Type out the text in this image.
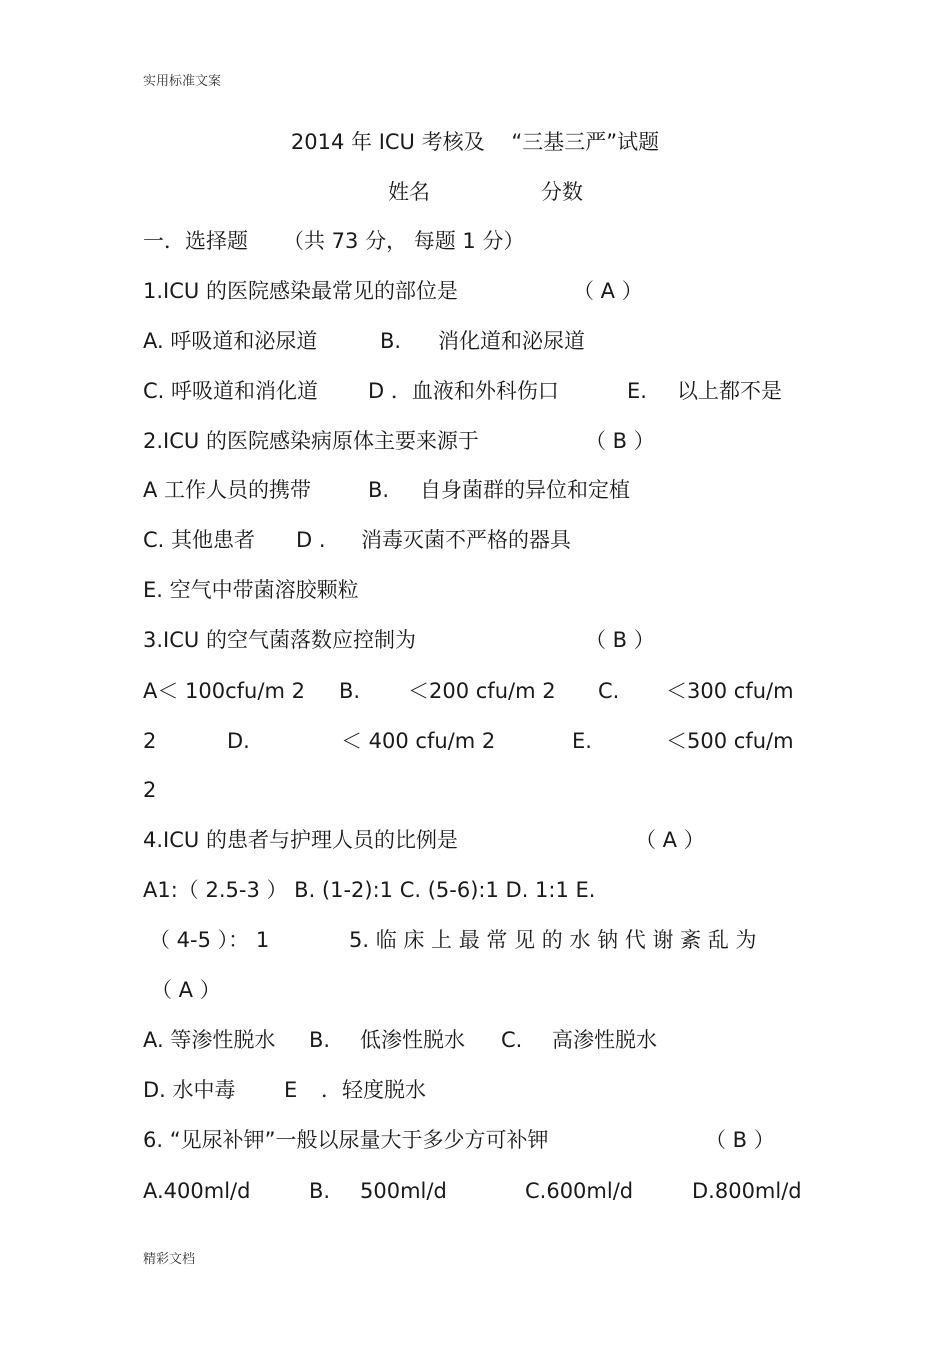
实用标准文案
2014 年 ICU 考核及 “三基三严”试题
姓名	分数
一．选择题 （共 73 分， 每题 1 分）
1.ICU 的医院感染最常见的部位是	（ A ）
A. 呼吸道和泌尿道	B. 消化道和泌尿道
C. 呼吸道和消化道 D ．血液和外科伤口	E. 以上都不是
2.ICU 的医院感染病原体主要来源于	（ B ）
A 工作人员的携带	B. 自身菌群的异位和定植
C. 其他患者 D . 消毒灭菌不严格的器具
E. 空气中带菌溶胶颗粒
3.ICU 的空气菌落数应控制为	（ B ）
A＜ 100cfu/m 2 B. ＜200 cfu/m 2 C. ＜300 cfu/m
2	D.	＜ 400 cfu/m 2	E.	＜500 cfu/m
2
4.ICU 的患者与护理人员的比例是	（ A ）
A1:（ 2.5-3 ） B. (1-2):1 C. (5-6):1 D. 1:1 E.
（ 4-5 ）： 1	5. 临 床 上 最 常 见 的 水 钠 代 谢 紊 乱 为
（ A ）
A. 等渗性脱水 B. 低渗性脱水 C. 高渗性脱水
D. 水中毒 E ．轻度脱水
6. “见尿补钾”一般以尿量大于多少方可补钾	（ B ）
A.400ml/d	B. 500ml/d	C.600ml/d	D.800ml/d
精彩文档
